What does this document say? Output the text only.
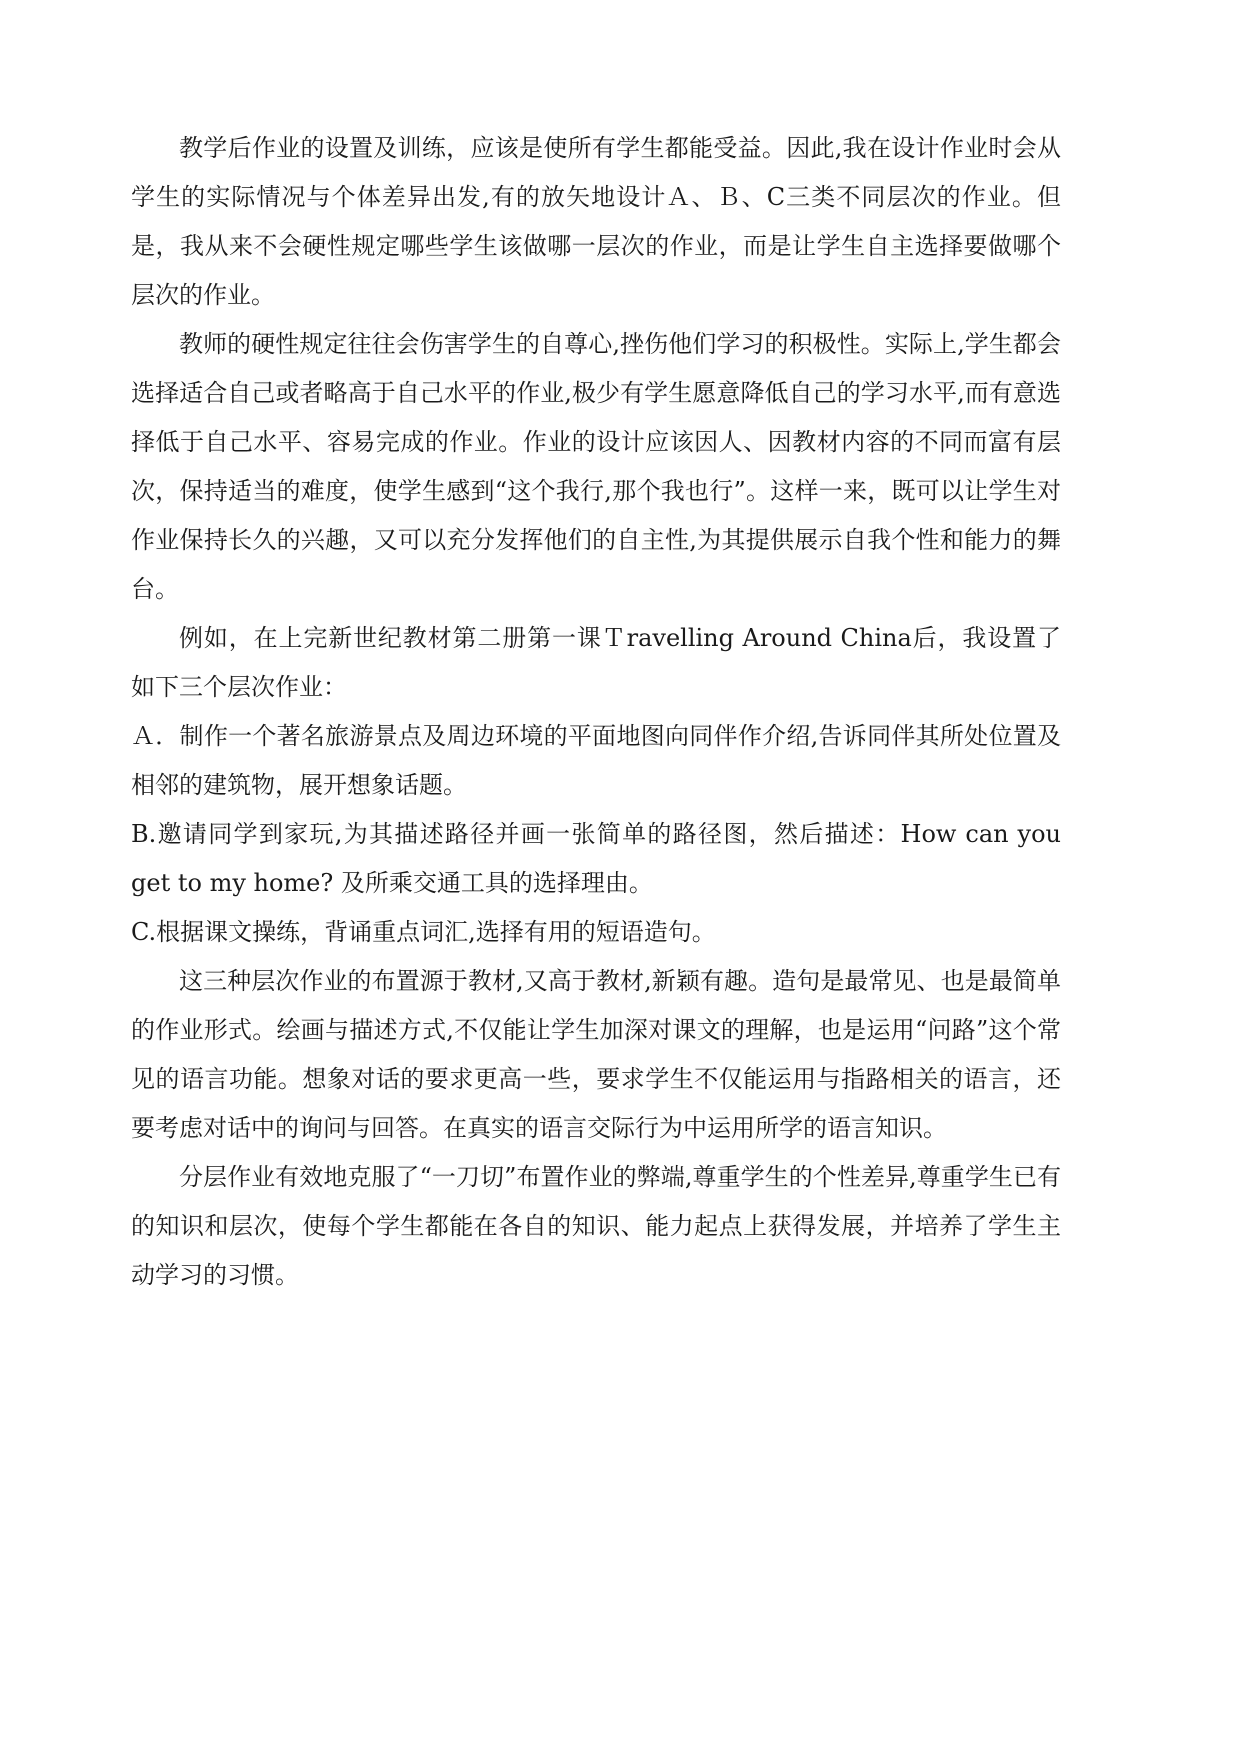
教学后作业的设置及训练，应该是使所有学生都能受益。因此,我在设计作业时会从学生的实际情况与个体差异出发,有的放矢地设计Ａ、Ｂ、C三类不同层次的作业。但是，我从来不会硬性规定哪些学生该做哪一层次的作业，而是让学生自主选择要做哪个层次的作业。

教师的硬性规定往往会伤害学生的自尊心,挫伤他们学习的积极性。实际上,学生都会选择适合自己或者略高于自己水平的作业,极少有学生愿意降低自己的学习水平,而有意选择低于自己水平、容易完成的作业。作业的设计应该因人、因教材内容的不同而富有层次，保持适当的难度，使学生感到“这个我行,那个我也行”。这样一来，既可以让学生对作业保持长久的兴趣，又可以充分发挥他们的自主性,为其提供展示自我个性和能力的舞台。

例如，在上完新世纪教材第二册第一课Ｔravelling Around China后，我设置了如下三个层次作业：

Ａ．制作一个著名旅游景点及周边环境的平面地图向同伴作介绍,告诉同伴其所处位置及相邻的建筑物，展开想象话题。

B.邀请同学到家玩,为其描述路径并画一张简单的路径图，然后描述：How can you get to my home? 及所乘交通工具的选择理由。

C.根据课文操练，背诵重点词汇,选择有用的短语造句。

这三种层次作业的布置源于教材,又高于教材,新颖有趣。造句是最常见、也是最简单的作业形式。绘画与描述方式,不仅能让学生加深对课文的理解，也是运用“问路”这个常见的语言功能。想象对话的要求更高一些，要求学生不仅能运用与指路相关的语言，还要考虑对话中的询问与回答。在真实的语言交际行为中运用所学的语言知识。

分层作业有效地克服了“一刀切”布置作业的弊端,尊重学生的个性差异,尊重学生已有的知识和层次，使每个学生都能在各自的知识、能力起点上获得发展，并培养了学生主动学习的习惯。
